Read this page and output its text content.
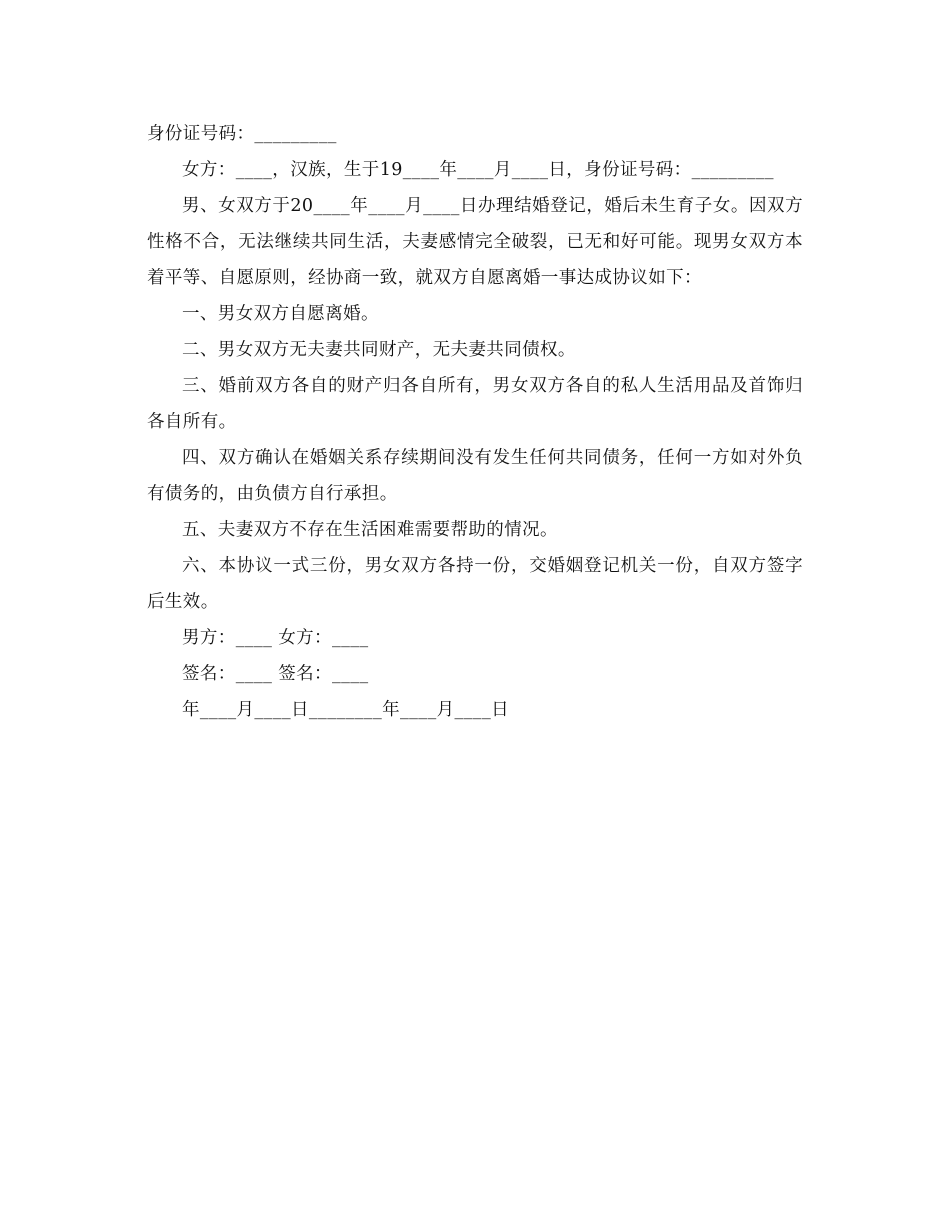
身份证号码：_________

女方：____，汉族，生于19____年____月____日，身份证号码：_________

男、女双方于20____年____月____日办理结婚登记，婚后未生育子女。因双方性格不合，无法继续共同生活，夫妻感情完全破裂，已无和好可能。现男女双方本着平等、自愿原则，经协商一致，就双方自愿离婚一事达成协议如下：

一、男女双方自愿离婚。

二、男女双方无夫妻共同财产，无夫妻共同债权。

三、婚前双方各自的财产归各自所有，男女双方各自的私人生活用品及首饰归各自所有。

四、双方确认在婚姻关系存续期间没有发生任何共同债务，任何一方如对外负有债务的，由负债方自行承担。

五、夫妻双方不存在生活困难需要帮助的情况。

六、本协议一式三份，男女双方各持一份，交婚姻登记机关一份，自双方签字后生效。

男方：____ 女方：____

签名：____ 签名：____

年____月____日________年____月____日
